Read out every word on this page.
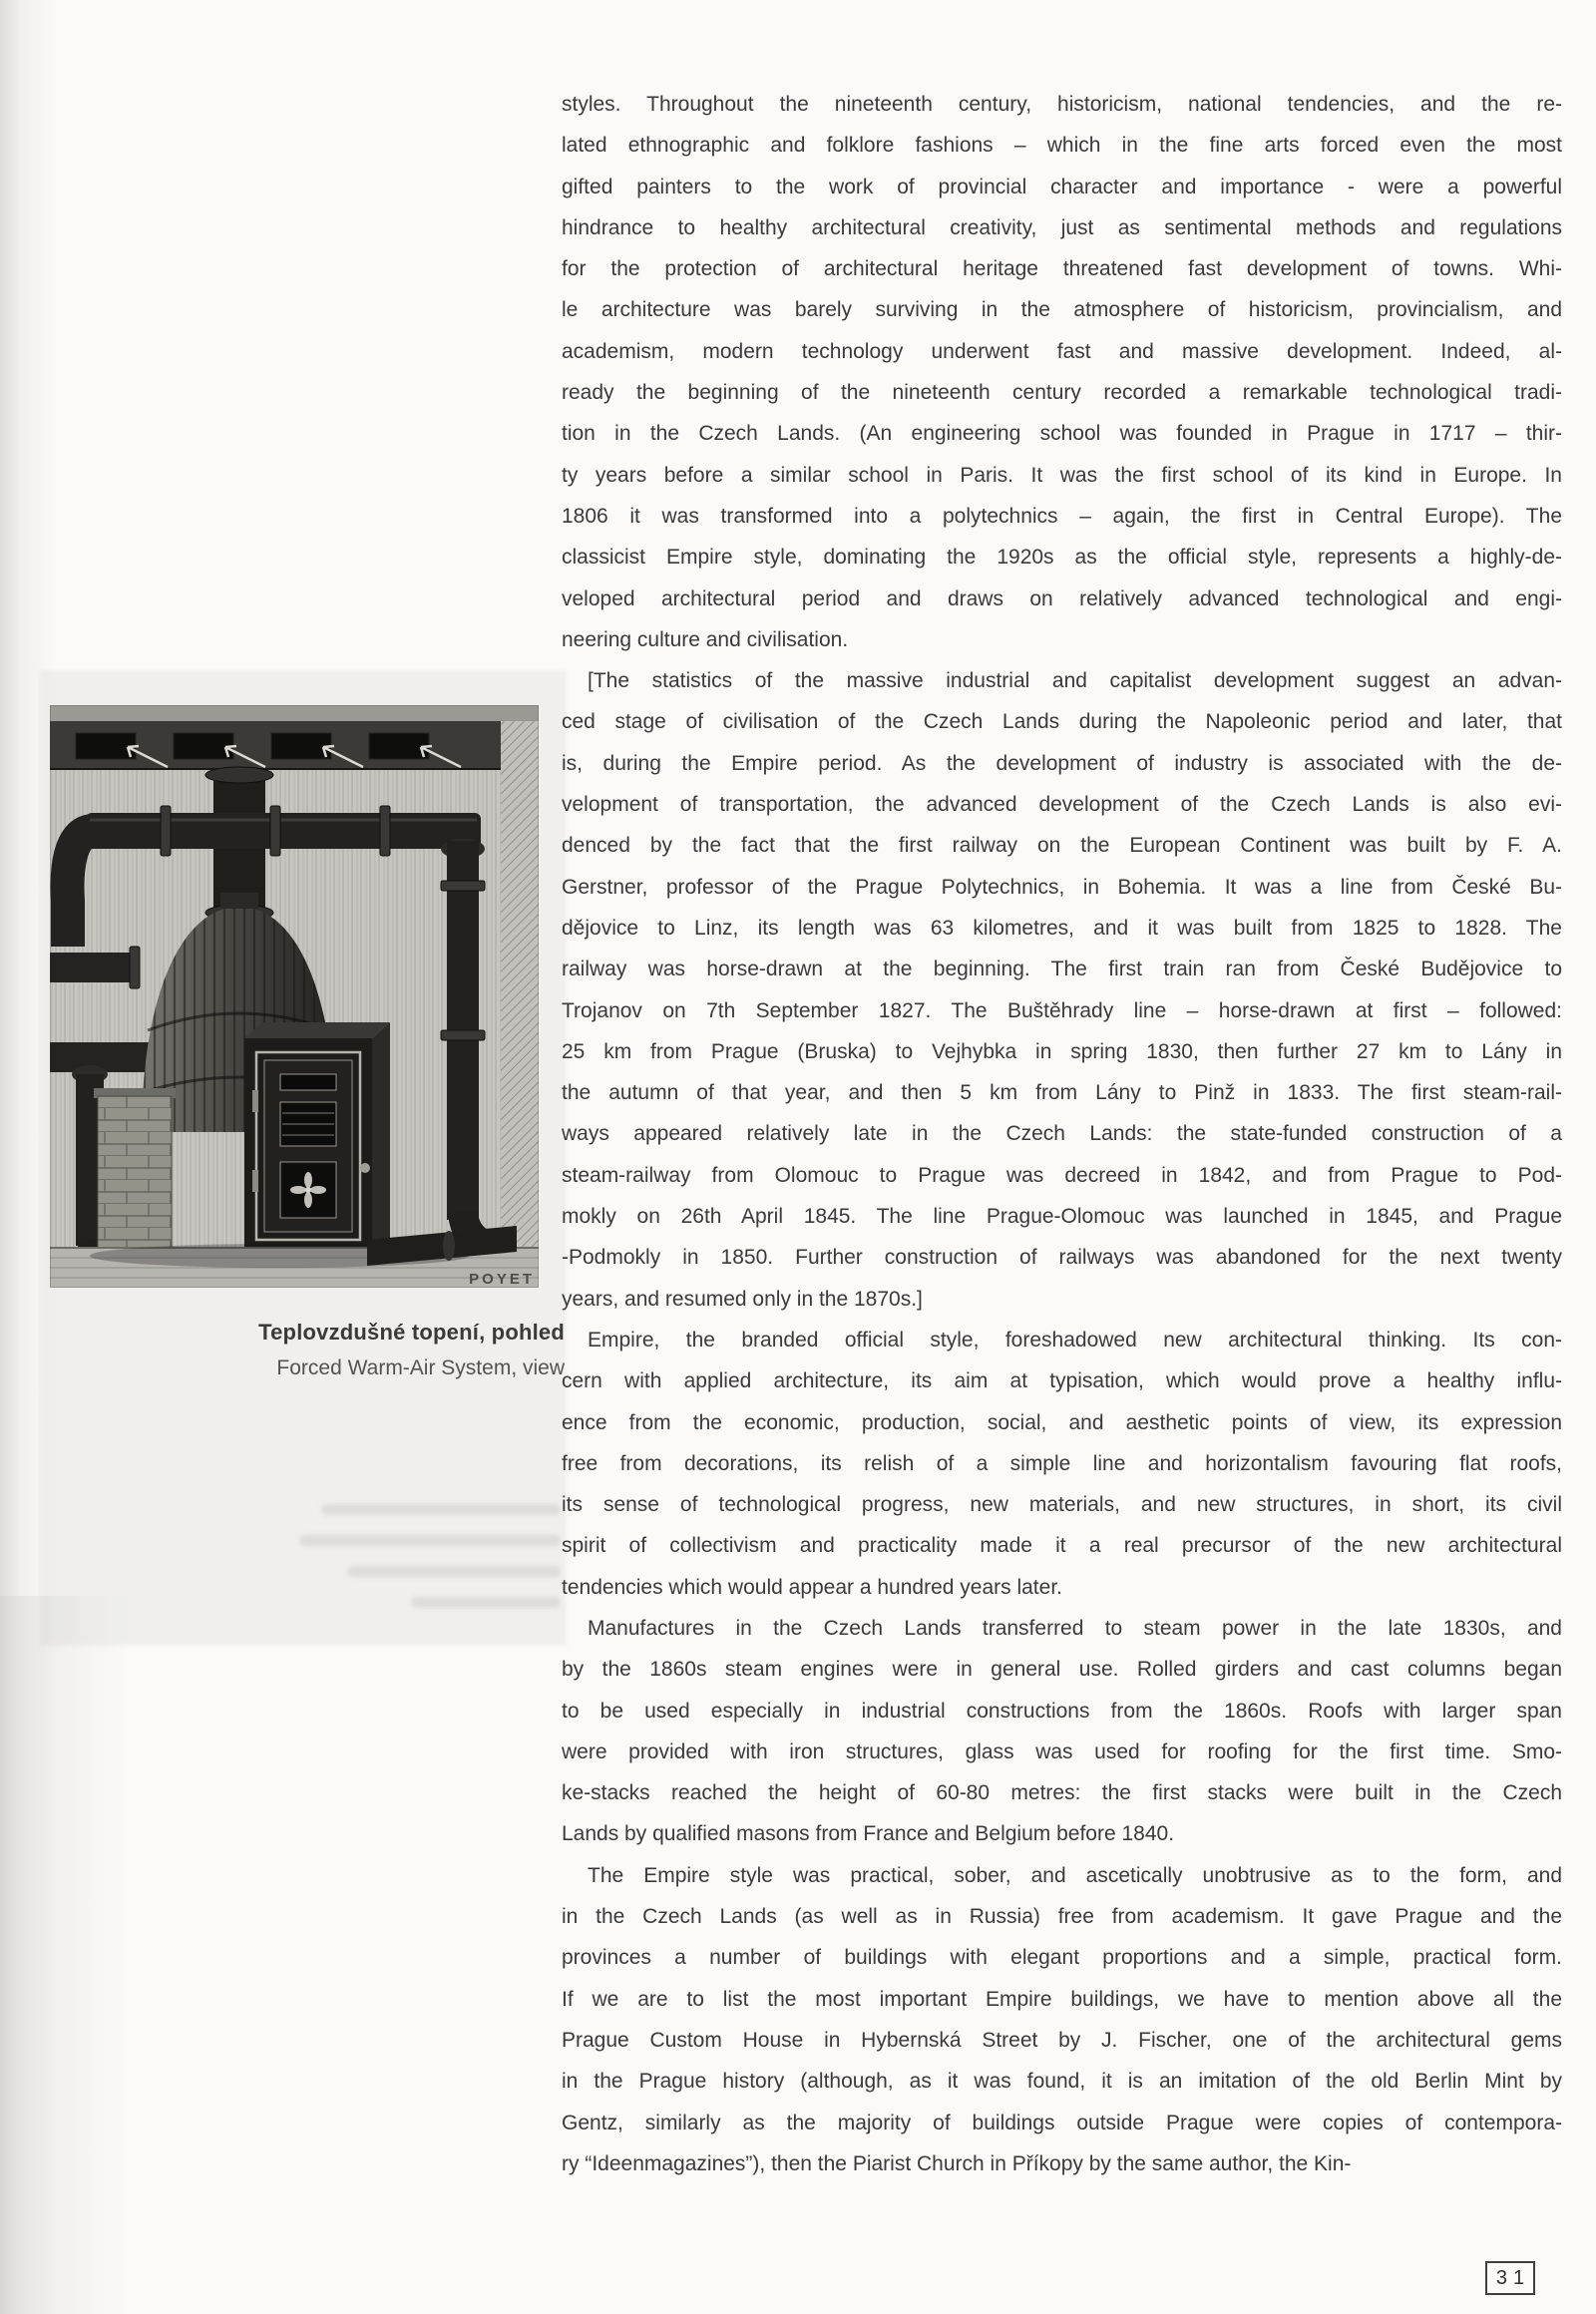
POYET
Teplovzdušné topení, pohled
Forced Warm-Air System, view
styles. Throughout the nineteenth century, historicism, national tendencies, and the re-
lated ethnographic and folklore fashions – which in the fine arts forced even the most
gifted painters to the work of provincial character and importance - were a powerful
hindrance to healthy architectural creativity, just as sentimental methods and regulations
for the protection of architectural heritage threatened fast development of towns. Whi-
le architecture was barely surviving in the atmosphere of historicism, provincialism, and
academism, modern technology underwent fast and massive development. Indeed, al-
ready the beginning of the nineteenth century recorded a remarkable technological tradi-
tion in the Czech Lands. (An engineering school was founded in Prague in 1717 – thir-
ty years before a similar school in Paris. It was the first school of its kind in Europe. In
1806 it was transformed into a polytechnics – again, the first in Central Europe). The
classicist Empire style, dominating the 1920s as the official style, represents a highly-de-
veloped architectural period and draws on relatively advanced technological and engi-
neering culture and civilisation.
[The statistics of the massive industrial and capitalist development suggest an advan-
ced stage of civilisation of the Czech Lands during the Napoleonic period and later, that
is, during the Empire period. As the development of industry is associated with the de-
velopment of transportation, the advanced development of the Czech Lands is also evi-
denced by the fact that the first railway on the European Continent was built by F. A.
Gerstner, professor of the Prague Polytechnics, in Bohemia. It was a line from České Bu-
dějovice to Linz, its length was 63 kilometres, and it was built from 1825 to 1828. The
railway was horse-drawn at the beginning. The first train ran from České Budějovice to
Trojanov on 7th September 1827. The Buštěhrady line – horse-drawn at first – followed:
25 km from Prague (Bruska) to Vejhybka in spring 1830, then further 27 km to Lány in
the autumn of that year, and then 5 km from Lány to Pinž in 1833. The first steam-rail-
ways appeared relatively late in the Czech Lands: the state-funded construction of a
steam-railway from Olomouc to Prague was decreed in 1842, and from Prague to Pod-
mokly on 26th April 1845. The line Prague-Olomouc was launched in 1845, and Prague
-Podmokly in 1850. Further construction of railways was abandoned for the next twenty
years, and resumed only in the 1870s.]
Empire, the branded official style, foreshadowed new architectural thinking. Its con-
cern with applied architecture, its aim at typisation, which would prove a healthy influ-
ence from the economic, production, social, and aesthetic points of view, its expression
free from decorations, its relish of a simple line and horizontalism favouring flat roofs,
its sense of technological progress, new materials, and new structures, in short, its civil
spirit of collectivism and practicality made it a real precursor of the new architectural
tendencies which would appear a hundred years later.
Manufactures in the Czech Lands transferred to steam power in the late 1830s, and
by the 1860s steam engines were in general use. Rolled girders and cast columns began
to be used especially in industrial constructions from the 1860s. Roofs with larger span
were provided with iron structures, glass was used for roofing for the first time. Smo-
ke-stacks reached the height of 60-80 metres: the first stacks were built in the Czech
Lands by qualified masons from France and Belgium before 1840.
The Empire style was practical, sober, and ascetically unobtrusive as to the form, and
in the Czech Lands (as well as in Russia) free from academism. It gave Prague and the
provinces a number of buildings with elegant proportions and a simple, practical form.
If we are to list the most important Empire buildings, we have to mention above all the
Prague Custom House in Hybernská Street by J. Fischer, one of the architectural gems
in the Prague history (although, as it was found, it is an imitation of the old Berlin Mint by
Gentz, similarly as the majority of buildings outside Prague were copies of contempora-
ry “Ideenmagazines”), then the Piarist Church in Příkopy by the same author, the Kin-
31
